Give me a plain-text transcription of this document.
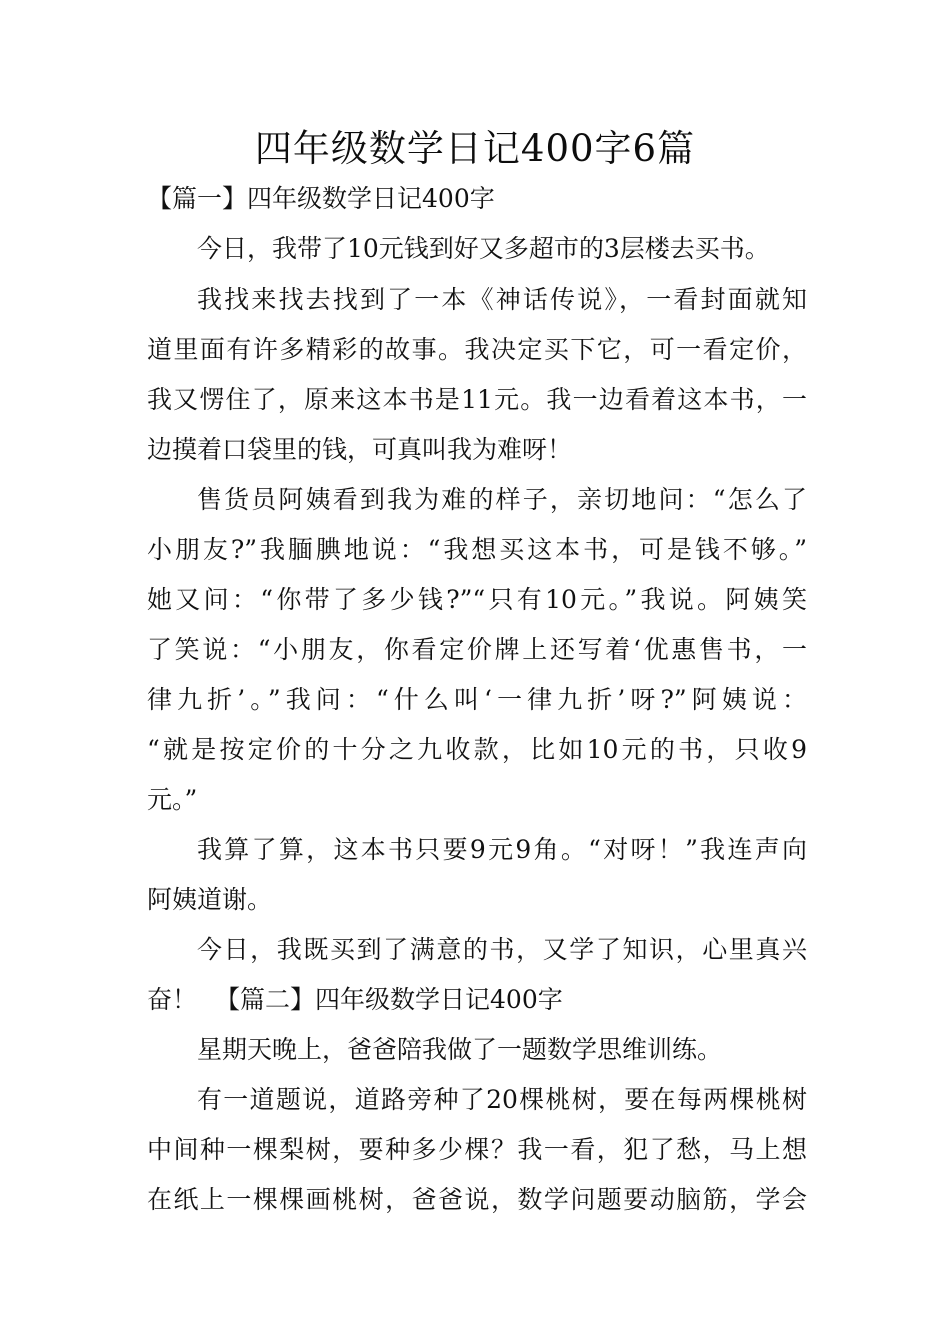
四年级数学日记400字6篇
【篇一】四年级数学日记400字
今日，我带了10元钱到好又多超市的3层楼去买书。
我找来找去找到了一本《神话传说》，一看封面就知
道里面有许多精彩的故事。我决定买下它，可一看定价，
我又愣住了，原来这本书是11元。我一边看着这本书，一
边摸着口袋里的钱，可真叫我为难呀！
售货员阿姨看到我为难的样子，亲切地问：“怎么了
小朋友?”我腼腆地说：“我想买这本书，可是钱不够。”
她又问：“你带了多少钱?”“只有10元。”我说。阿姨笑
了笑说：“小朋友，你看定价牌上还写着‘优惠售书，一
律九折’。”我问：“什么叫‘一律九折’呀?”阿姨说：
“就是按定价的十分之九收款，比如10元的书，只收9
元。”
我算了算，这本书只要9元9角。“对呀！”我连声向
阿姨道谢。
今日，我既买到了满意的书，又学了知识，心里真兴
奋！ 【篇二】四年级数学日记400字
星期天晚上，爸爸陪我做了一题数学思维训练。
有一道题说，道路旁种了20棵桃树，要在每两棵桃树
中间种一棵梨树，要种多少棵？我一看，犯了愁，马上想
在纸上一棵棵画桃树，爸爸说，数学问题要动脑筋，学会
